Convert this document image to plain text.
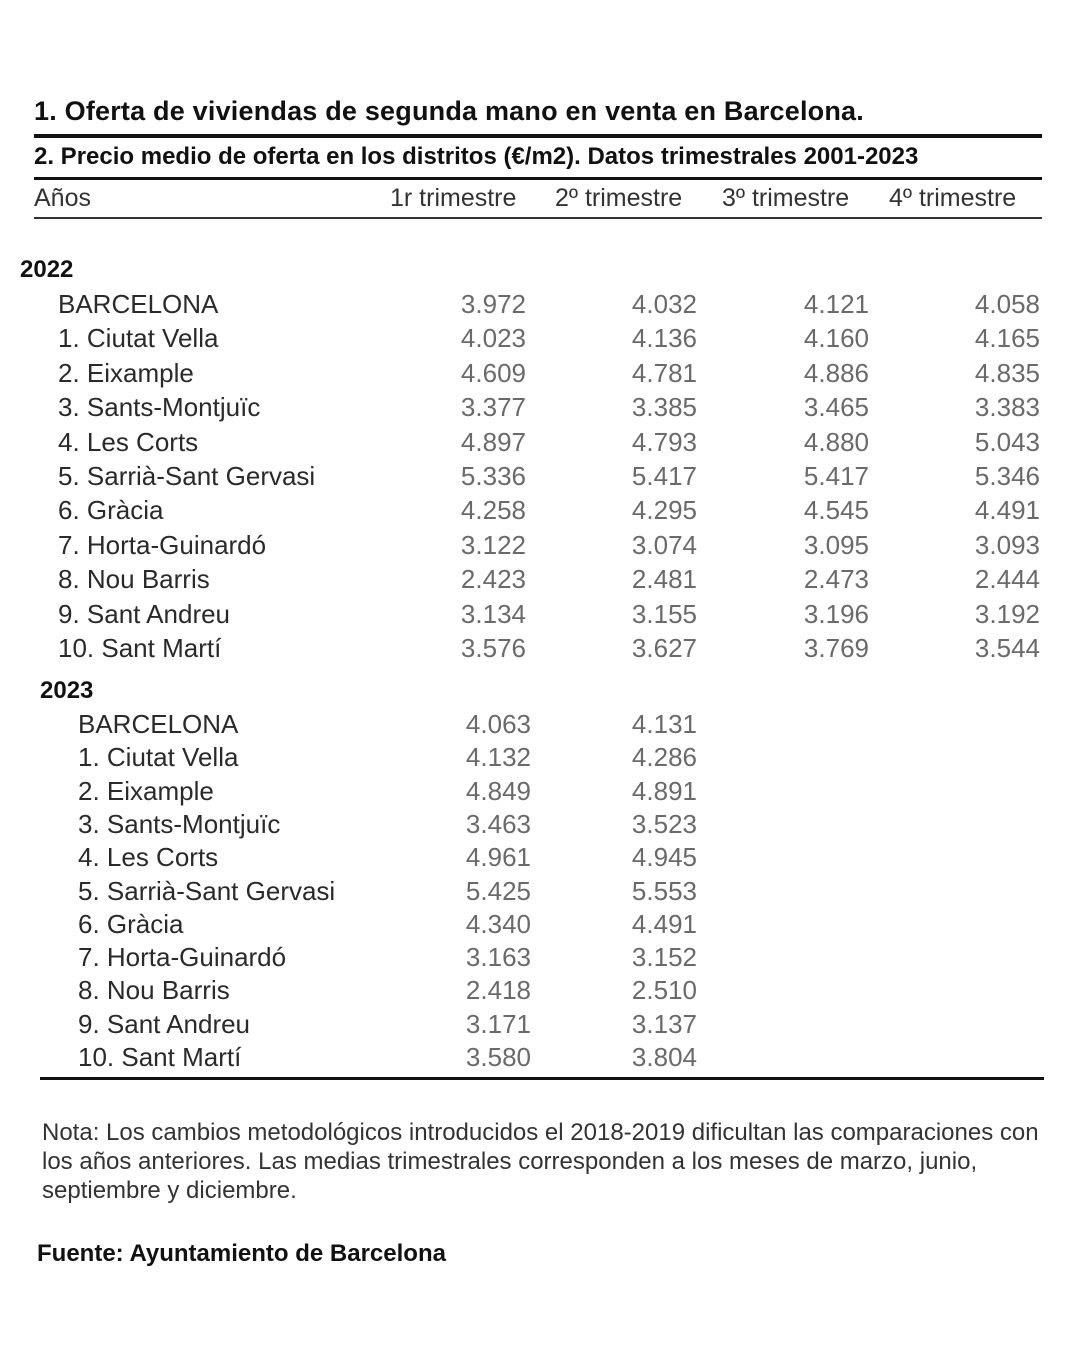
1. Oferta de viviendas de segunda mano en venta en Barcelona.
2. Precio medio de oferta en los distritos (€/m2). Datos trimestrales 2001-2023
Años	1r trimestre 2º trimestre 3º trimestre 4º trimestre
2022
BARCELONA	3.972	4.032	4.121	4.058
1. Ciutat Vella	4.023	4.136	4.160	4.165
2. Eixample	4.609	4.781	4.886	4.835
3. Sants-Montjuïc	3.377	3.385	3.465	3.383
4. Les Corts	4.897	4.793	4.880	5.043
5. Sarrià-Sant Gervasi	5.336	5.417	5.417	5.346
6. Gràcia	4.258	4.295	4.545	4.491
7. Horta-Guinardó	3.122	3.074	3.095	3.093
8. Nou Barris	2.423	2.481	2.473	2.444
9. Sant Andreu	3.134	3.155	3.196	3.192
10. Sant Martí	3.576	3.627	3.769	3.544
2023
BARCELONA	4.063	4.131
1. Ciutat Vella	4.132	4.286
2. Eixample	4.849	4.891
3. Sants-Montjuïc	3.463	3.523
4. Les Corts	4.961	4.945
5. Sarrià-Sant Gervasi	5.425	5.553
6. Gràcia	4.340	4.491
7. Horta-Guinardó	3.163	3.152
8. Nou Barris	2.418	2.510
9. Sant Andreu	3.171	3.137
10. Sant Martí	3.580	3.804
Nota: Los cambios metodológicos introducidos el 2018-2019 dificultan las comparaciones con los años anteriores. Las medias trimestrales corresponden a los meses de marzo, junio, septiembre y diciembre.
Fuente: Ayuntamiento de Barcelona
